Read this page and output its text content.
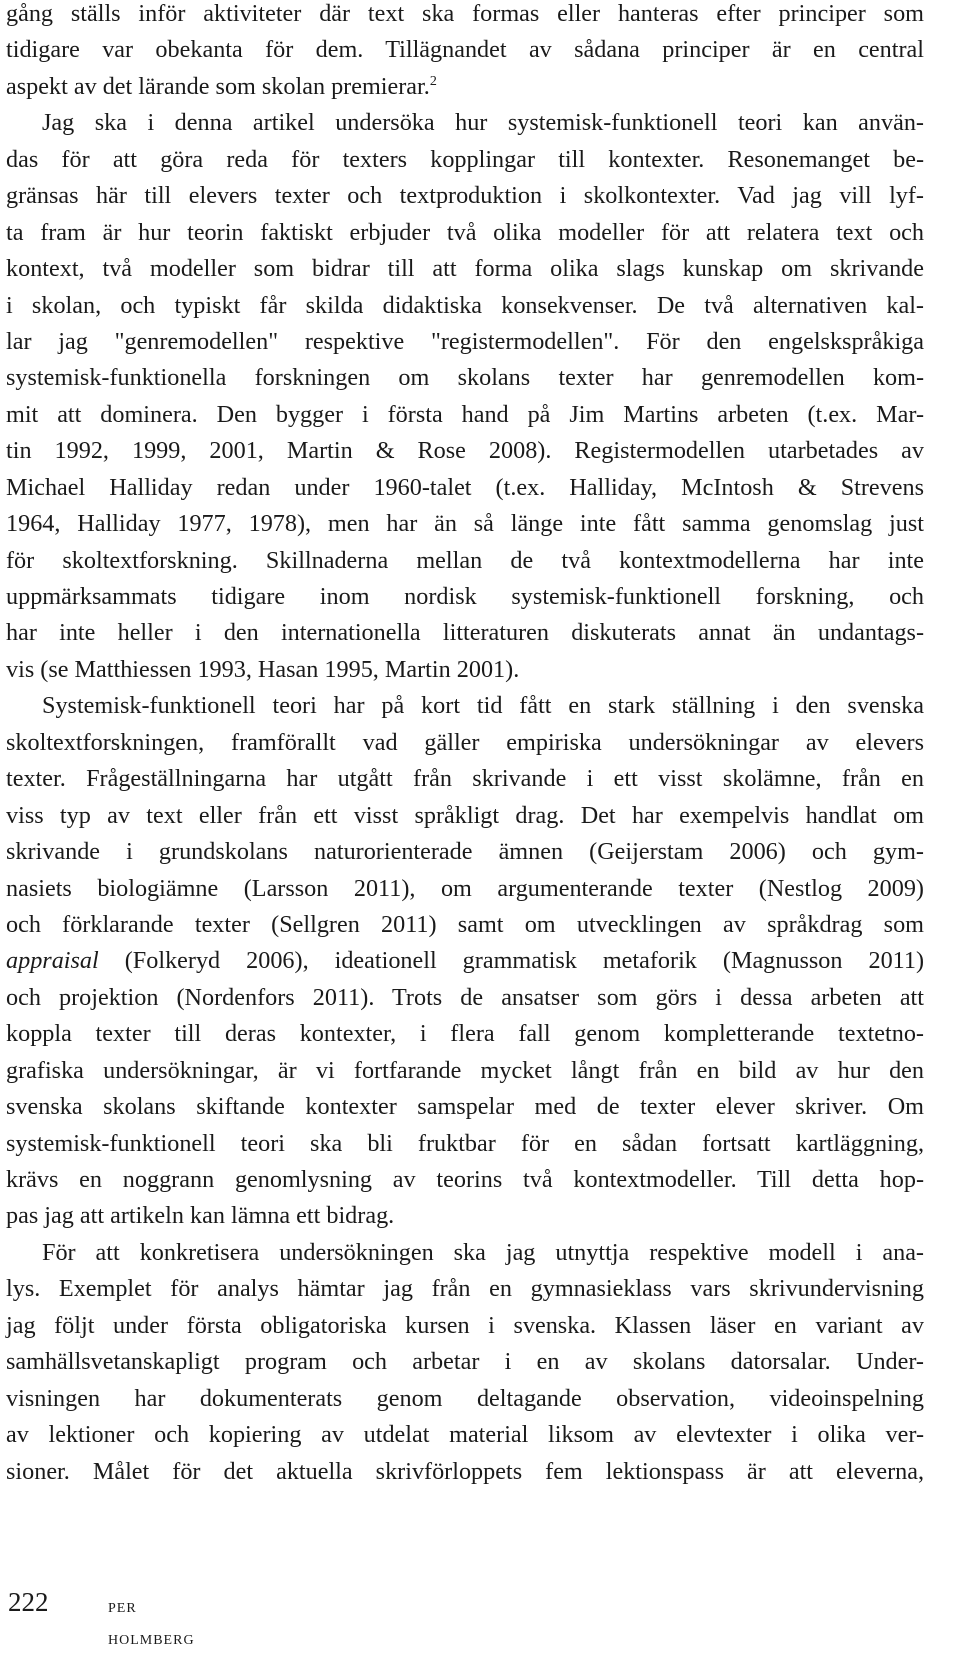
gång ställs inför aktiviteter där text ska formas eller hanteras efter principer som
tidigare var obekanta för dem. Tillägnandet av sådana principer är en central
aspekt av det lärande som skolan premierar.$^2$
Jag ska i denna artikel undersöka hur systemisk-funktionell teori kan använ-
das för att göra reda för texters kopplingar till kontexter. Resonemanget be-
gränsas här till elevers texter och textproduktion i skolkontexter. Vad jag vill lyf-
ta fram är hur teorin faktiskt erbjuder två olika modeller för att relatera text och
kontext, två modeller som bidrar till att forma olika slags kunskap om skrivande
i skolan, och typiskt får skilda didaktiska konsekvenser. De två alternativen kal-
lar jag "genremodellen" respektive "registermodellen". För den engelskspråkiga
systemisk-funktionella forskningen om skolans texter har genremodellen kom-
mit att dominera. Den bygger i första hand på Jim Martins arbeten (t.ex. Mar-
tin 1992, 1999, 2001, Martin & Rose 2008). Registermodellen utarbetades av
Michael Halliday redan under 1960-talet (t.ex. Halliday, McIntosh & Strevens
1964, Halliday 1977, 1978), men har än så länge inte fått samma genomslag just
för skoltextforskning. Skillnaderna mellan de två kontextmodellerna har inte
uppmärksammats tidigare inom nordisk systemisk-funktionell forskning, och
har inte heller i den internationella litteraturen diskuterats annat än undantags-
vis (se Matthiessen 1993, Hasan 1995, Martin 2001).
Systemisk-funktionell teori har på kort tid fått en stark ställning i den svenska
skoltextforskningen, framförallt vad gäller empiriska undersökningar av elevers
texter. Frågeställningarna har utgått från skrivande i ett visst skolämne, från en
viss typ av text eller från ett visst språkligt drag. Det har exempelvis handlat om
skrivande i grundskolans naturorienterade ämnen (Geijerstam 2006) och gym-
nasiets biologiämne (Larsson 2011), om argumenterande texter (Nestlog 2009)
och förklarande texter (Sellgren 2011) samt om utvecklingen av språkdrag som
appraisal (Folkeryd 2006), ideationell grammatisk metaforik (Magnusson 2011)
och projektion (Nordenfors 2011). Trots de ansatser som görs i dessa arbeten att
koppla texter till deras kontexter, i flera fall genom kompletterande textetno-
grafiska undersökningar, är vi fortfarande mycket långt från en bild av hur den
svenska skolans skiftande kontexter samspelar med de texter elever skriver. Om
systemisk-funktionell teori ska bli fruktbar för en sådan fortsatt kartläggning,
krävs en noggrann genomlysning av teorins två kontextmodeller. Till detta hop-
pas jag att artikeln kan lämna ett bidrag.
För att konkretisera undersökningen ska jag utnyttja respektive modell i ana-
lys. Exemplet för analys hämtar jag från en gymnasieklass vars skrivundervisning
jag följt under första obligatoriska kursen i svenska. Klassen läser en variant av
samhällsvetanskapligt program och arbetar i en av skolans datorsalar. Under-
visningen har dokumenterats genom deltagande observation, videoinspelning
av lektioner och kopiering av utdelat material liksom av elevtexter i olika ver-
sioner. Målet för det aktuella skrivförloppets fem lektionspass är att eleverna,
222	per holmberg
